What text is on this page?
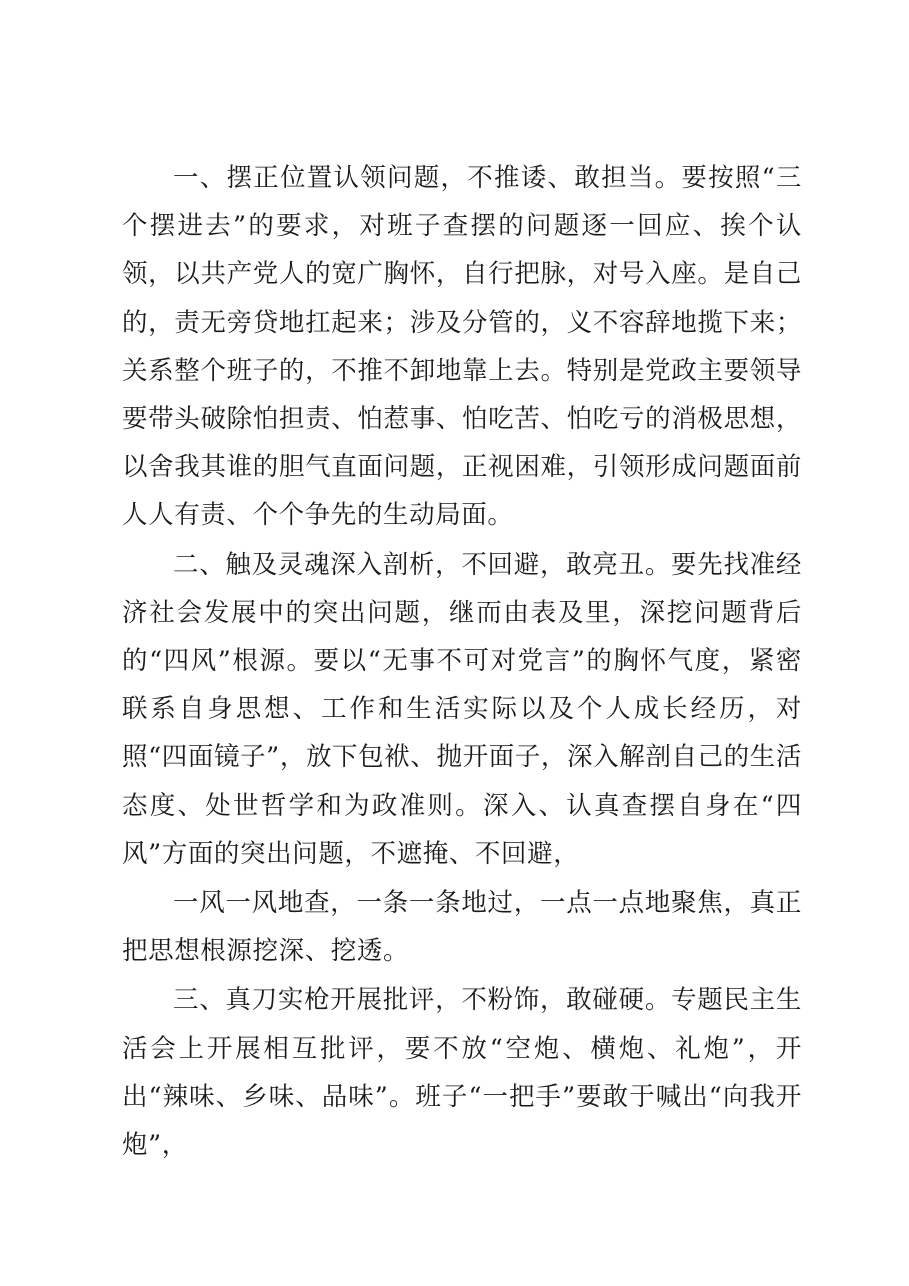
一、摆正位置认领问题，不推诿、敢担当。要按照“三个摆进去”的要求，对班子查摆的问题逐一回应、挨个认领，以共产党人的宽广胸怀，自行把脉，对号入座。是自己的，责无旁贷地扛起来；涉及分管的，义不容辞地揽下来；关系整个班子的，不推不卸地靠上去。特别是党政主要领导要带头破除怕担责、怕惹事、怕吃苦、怕吃亏的消极思想，以舍我其谁的胆气直面问题，正视困难，引领形成问题面前人人有责、个个争先的生动局面。

二、触及灵魂深入剖析，不回避，敢亮丑。要先找准经济社会发展中的突出问题，继而由表及里，深挖问题背后的“四风”根源。要以“无事不可对党言”的胸怀气度，紧密联系自身思想、工作和生活实际以及个人成长经历，对照“四面镜子”，放下包袱、抛开面子，深入解剖自己的生活态度、处世哲学和为政准则。深入、认真查摆自身在“四风”方面的突出问题，不遮掩、不回避，

一风一风地查，一条一条地过，一点一点地聚焦，真正把思想根源挖深、挖透。

三、真刀实枪开展批评，不粉饰，敢碰硬。专题民主生活会上开展相互批评，要不放“空炮、横炮、礼炮”，开出“辣味、乡味、品味”。班子“一把手”要敢于喊出“向我开炮”，
